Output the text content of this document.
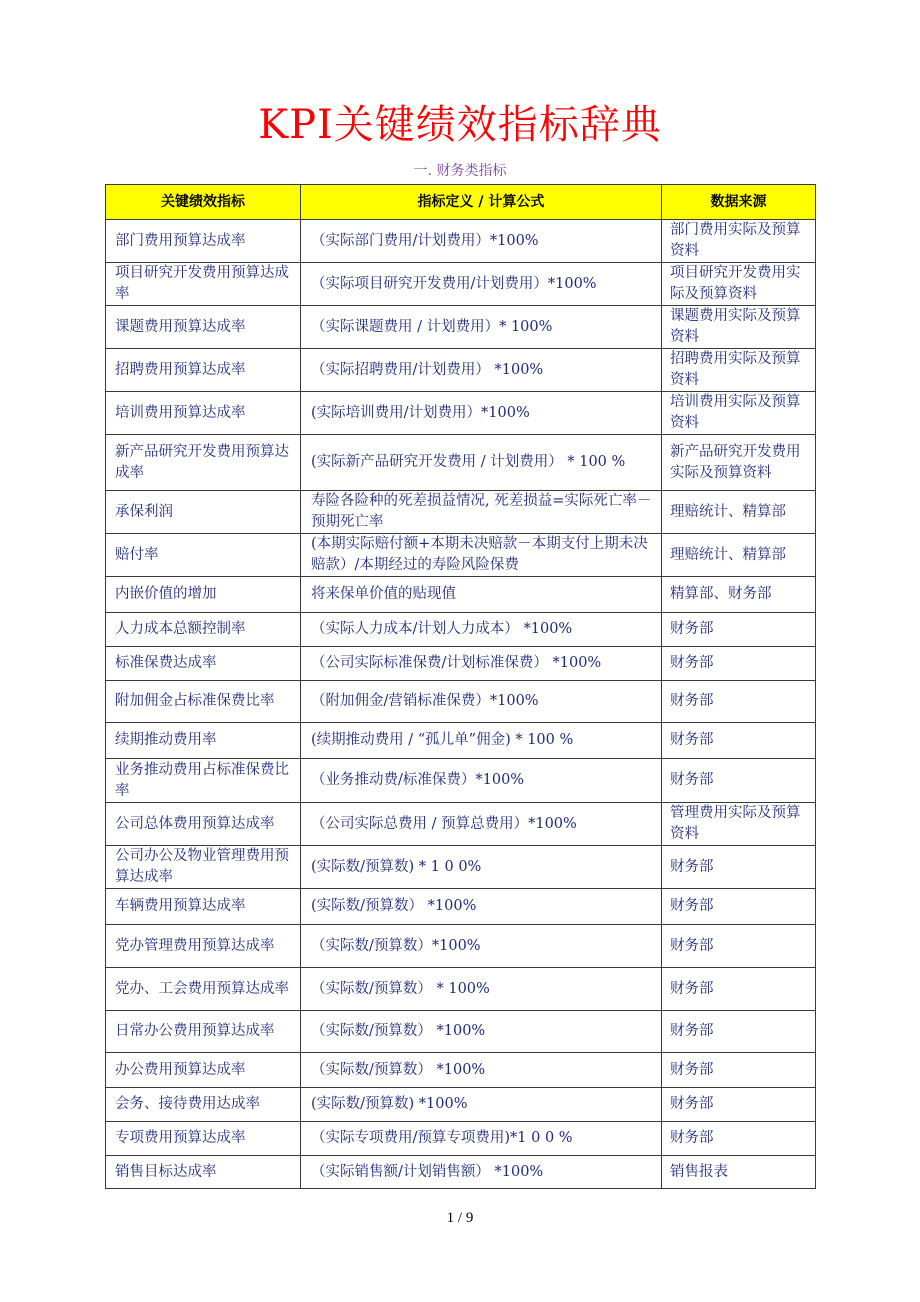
KPI关键绩效指标辞典
一. 财务类指标
关键绩效指标	指标定义 / 计算公式	数据来源
部门费用预算达成率	（实际部门费用/计划费用）*100%	部门费用实际及预算资料
项目研究开发费用预算达成率	（实际项目研究开发费用/计划费用）*100%	项目研究开发费用实际及预算资料
课题费用预算达成率	（实际课题费用 / 计划费用）* 100%	课题费用实际及预算资料
招聘费用预算达成率	（实际招聘费用/计划费用） *100%	招聘费用实际及预算资料
培训费用预算达成率	(实际培训费用/计划费用）*100%	培训费用实际及预算资料
新产品研究开发费用预算达成率	(实际新产品研究开发费用 / 计划费用） * 100 %	新产品研究开发费用实际及预算资料
承保利润	寿险各险种的死差损益情况, 死差损益=实际死亡率－预期死亡率	理赔统计、精算部
赔付率	(本期实际赔付额+本期未决赔款－本期支付上期未决赔款）/本期经过的寿险风险保费	理赔统计、精算部
内嵌价值的增加	将来保单价值的贴现值	精算部、财务部
人力成本总额控制率	（实际人力成本/计划人力成本） *100%	财务部
标准保费达成率	（公司实际标准保费/计划标准保费） *100%	财务部
附加佣金占标准保费比率	（附加佣金/营销标准保费）*100%	财务部
续期推动费用率	(续期推动费用 / “孤儿单”佣金) * 100 %	财务部
业务推动费用占标准保费比率	（业务推动费/标准保费）*100%	财务部
公司总体费用预算达成率	（公司实际总费用 / 预算总费用）*100%	管理费用实际及预算资料
公司办公及物业管理费用预算达成率	(实际数/预算数) * 1 0 0%	财务部
车辆费用预算达成率	(实际数/预算数） *100%	财务部
党办管理费用预算达成率	（实际数/预算数）*100%	财务部
党办、工会费用预算达成率	（实际数/预算数） * 100%	财务部
日常办公费用预算达成率	（实际数/预算数） *100%	财务部
办公费用预算达成率	（实际数/预算数） *100%	财务部
会务、接待费用达成率	(实际数/预算数) *100%	财务部
专项费用预算达成率	（实际专项费用/预算专项费用)*1 0 0 %	财务部
销售目标达成率	（实际销售额/计划销售额） *100%	销售报表
1 / 9
